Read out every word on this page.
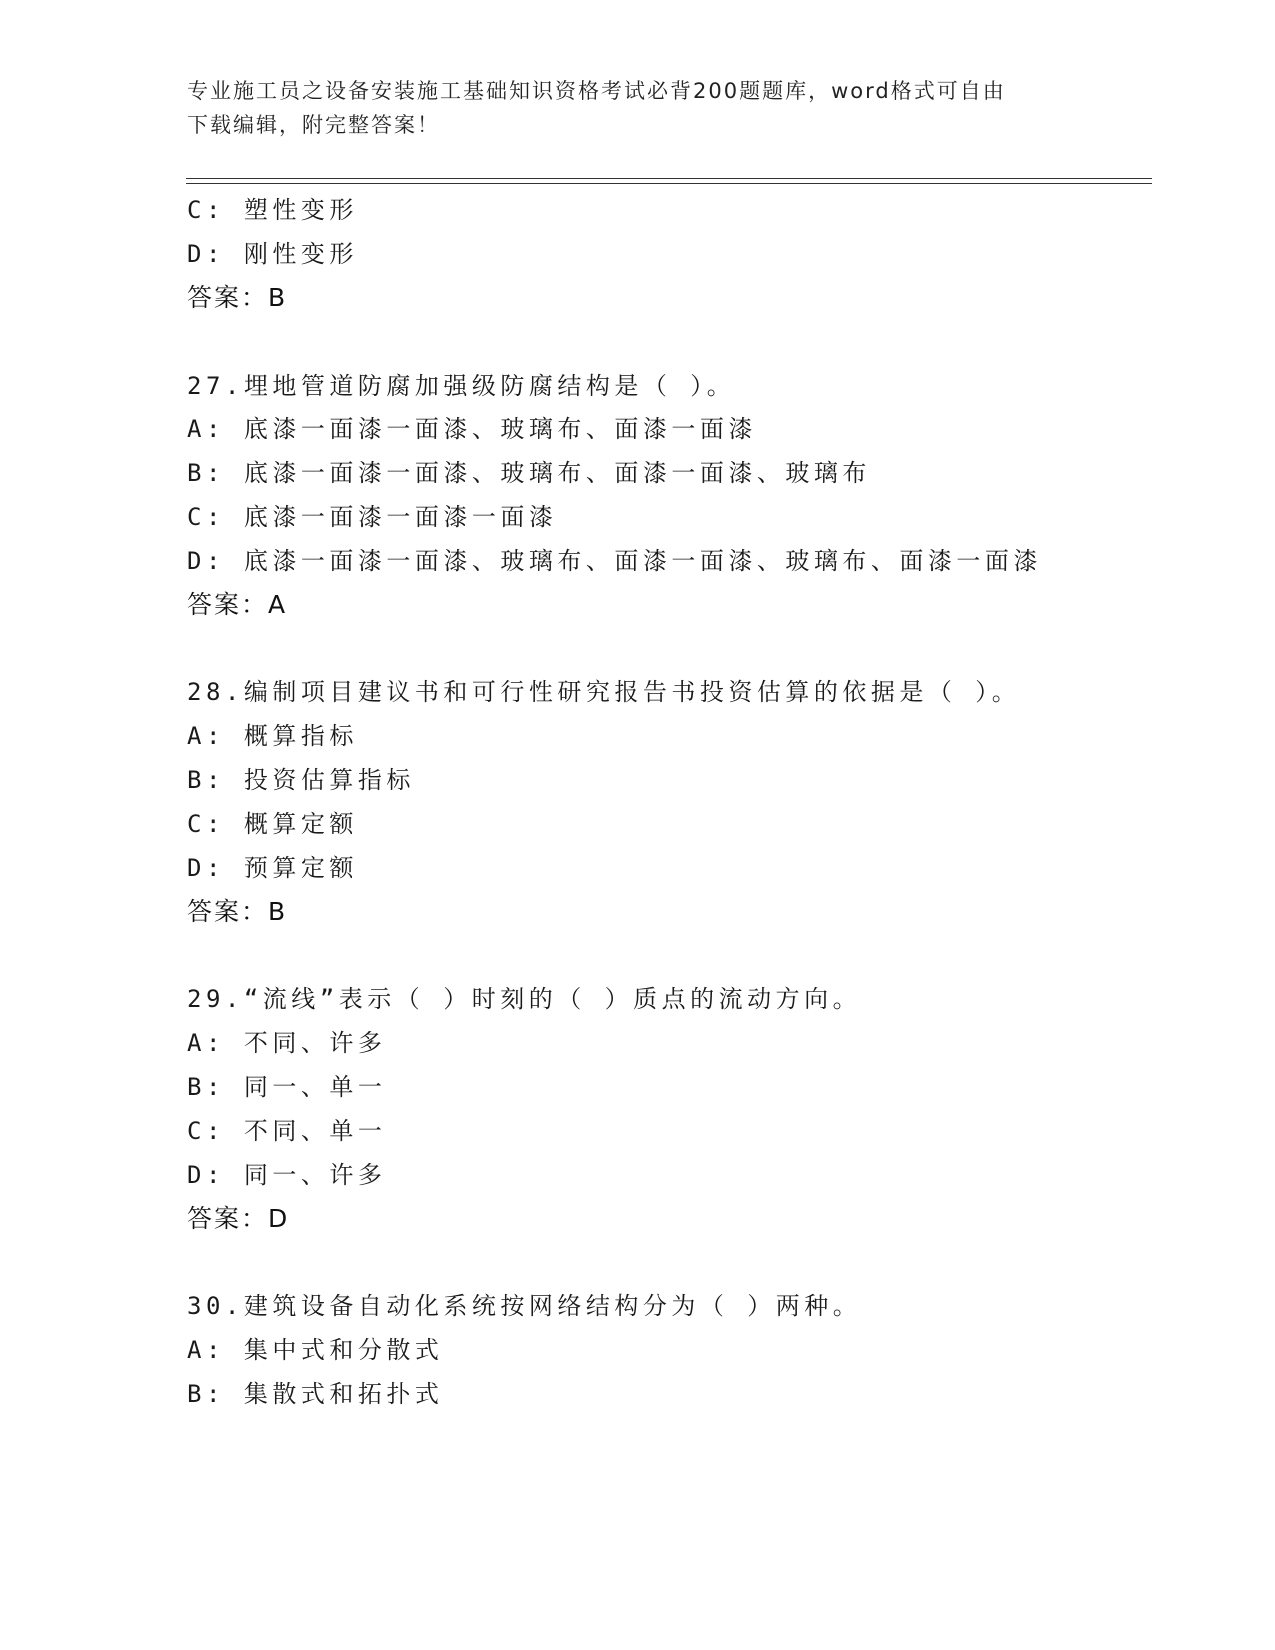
专业施工员之设备安装施工基础知识资格考试必背200题题库，word格式可自由
下载编辑，附完整答案！
C: 塑性变形
D: 刚性变形
答案：B
27.埋地管道防腐加强级防腐结构是（ ）。
A: 底漆一面漆一面漆、玻璃布、面漆一面漆
B: 底漆一面漆一面漆、玻璃布、面漆一面漆、玻璃布
C: 底漆一面漆一面漆一面漆
D: 底漆一面漆一面漆、玻璃布、面漆一面漆、玻璃布、面漆一面漆
答案：A
28.编制项目建议书和可行性研究报告书投资估算的依据是（ ）。
A: 概算指标
B: 投资估算指标
C: 概算定额
D: 预算定额
答案：B
29.“流线”表示（ ）时刻的（ ）质点的流动方向。
A: 不同、许多
B: 同一、单一
C: 不同、单一
D: 同一、许多
答案：D
30.建筑设备自动化系统按网络结构分为（ ）两种。
A: 集中式和分散式
B: 集散式和拓扑式
